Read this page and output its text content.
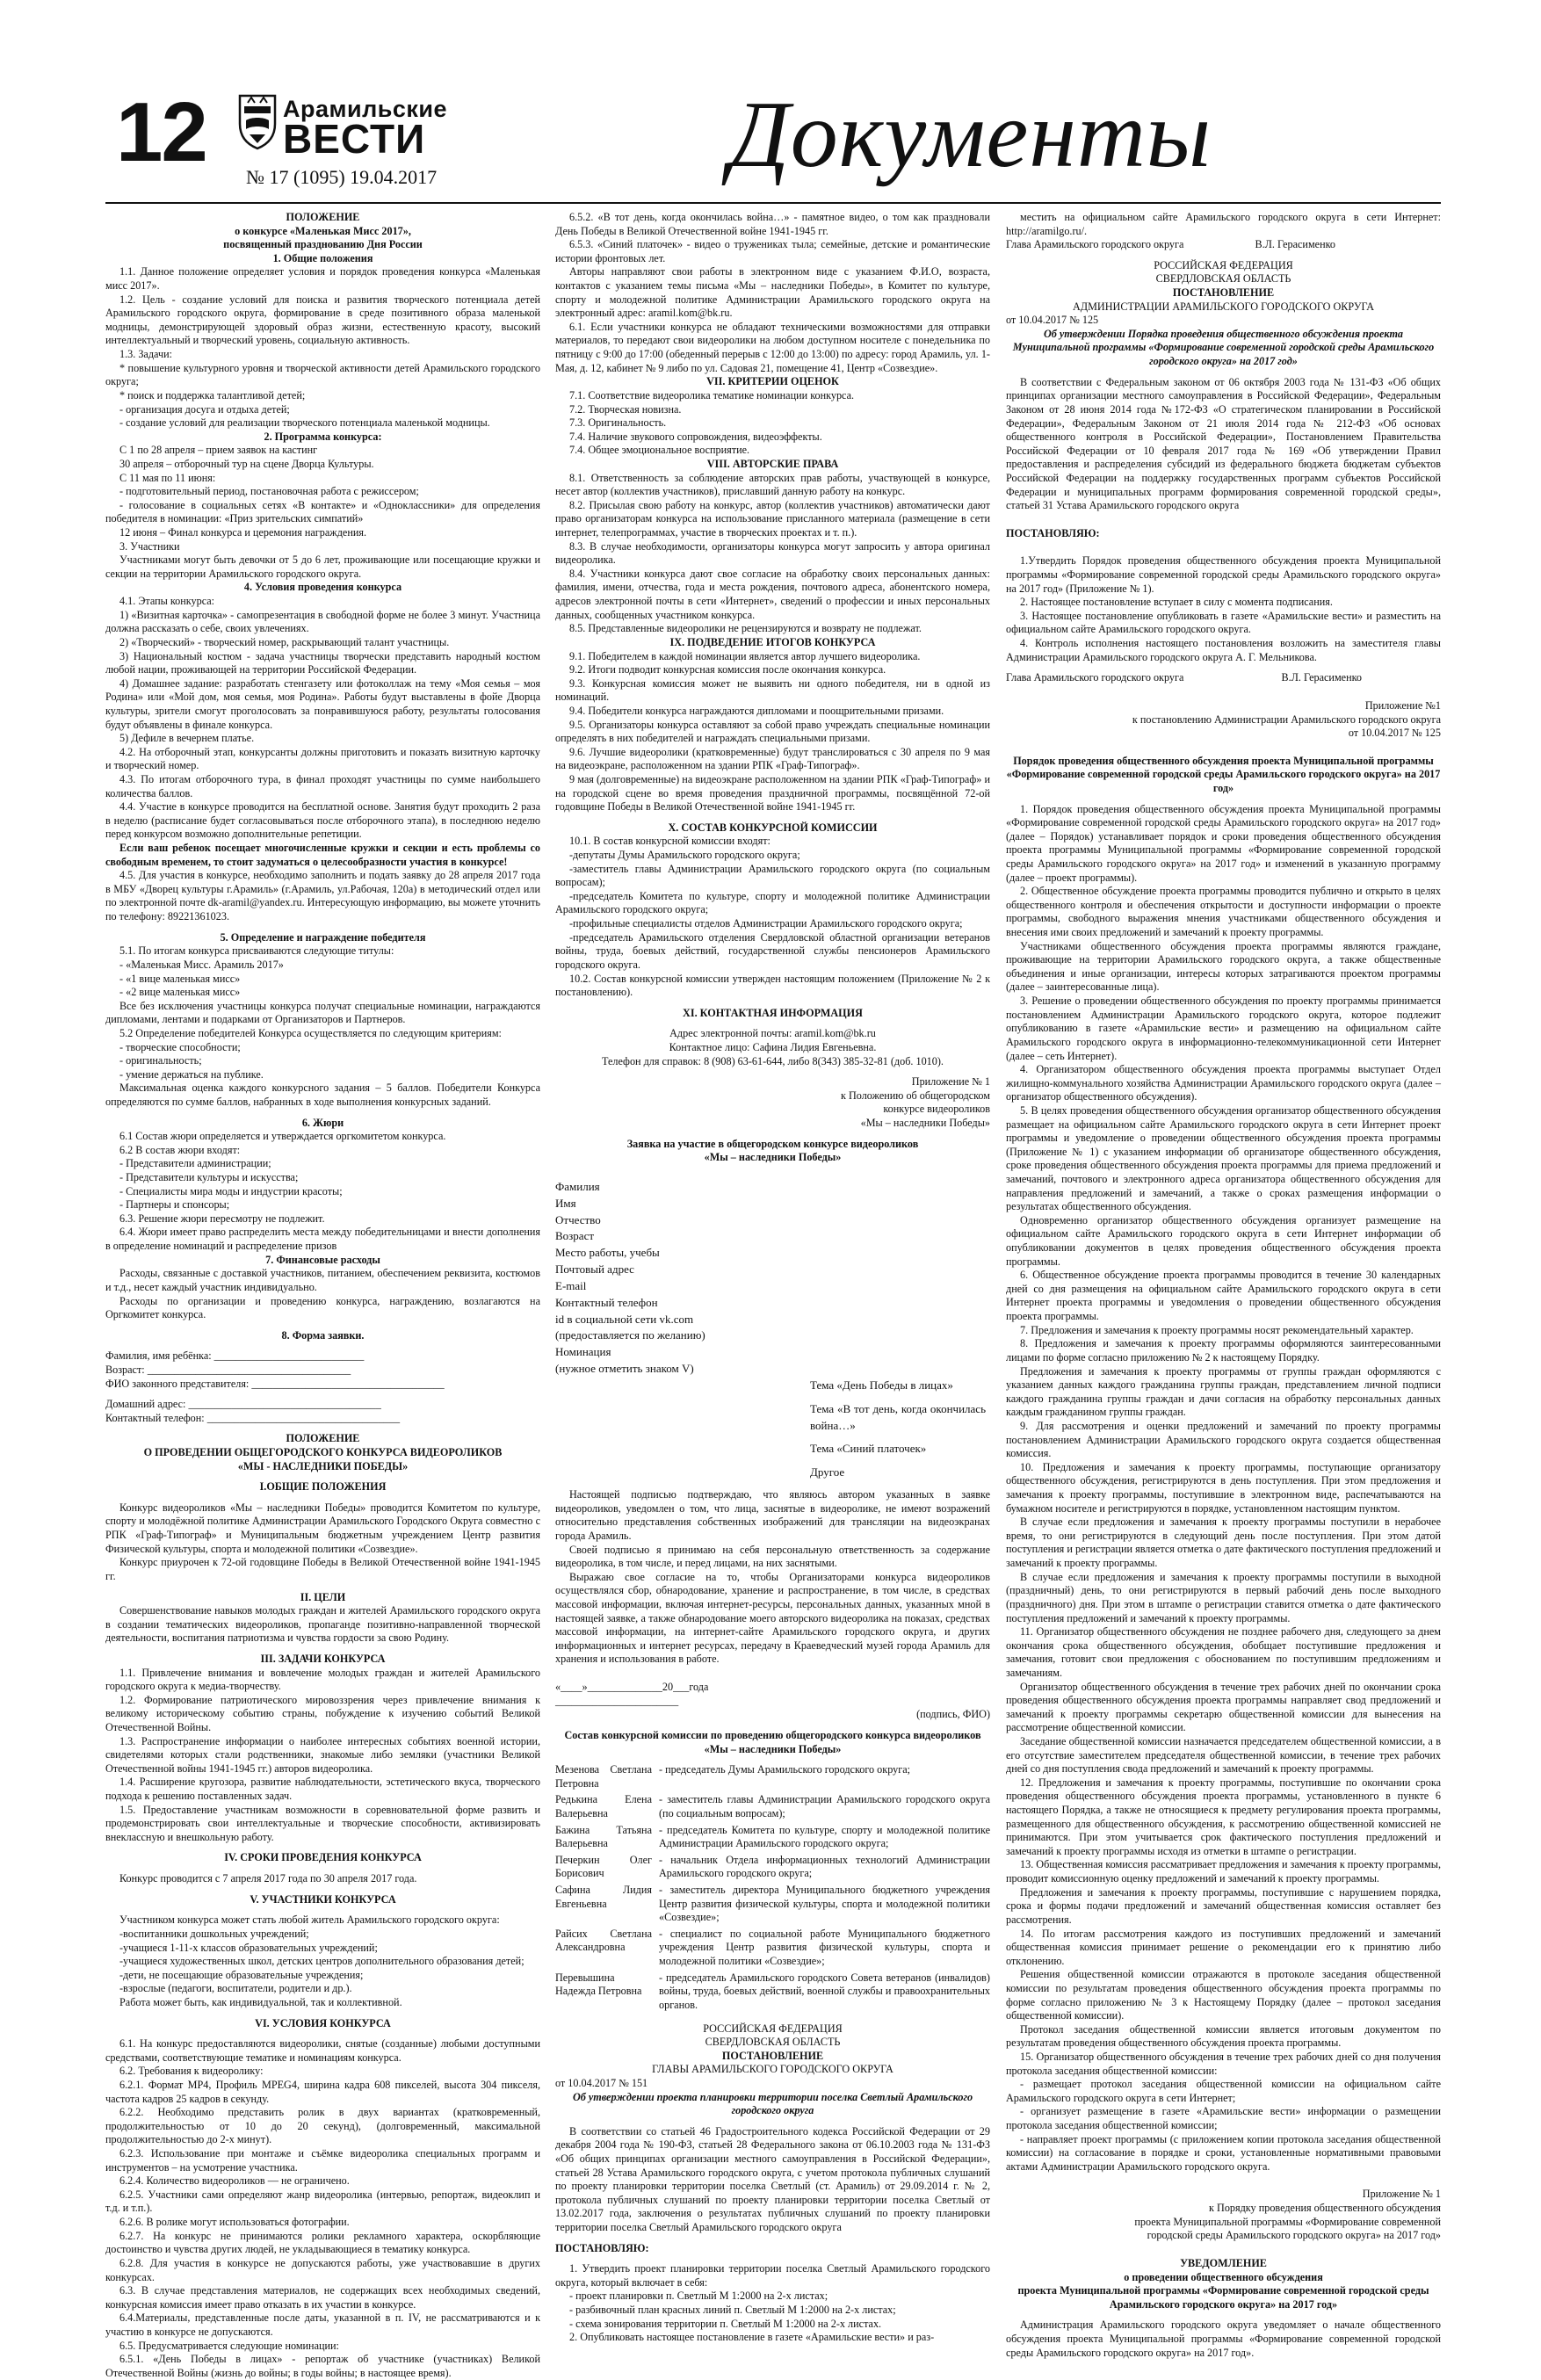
12	Арамильские
ВЕСТИ
№ 17 (1095) 19.04.2017	Документы

ПОЛОЖЕНИЕ

о конкурсе «Маленькая Мисс 2017»,

посвященный празднованию Дня России

1. Общие положения

1.1. Данное положение определяет условия и порядок проведения конкурса «Маленькая мисс 2017».

1.2. Цель - создание условий для поиска и развития творческого потенциала детей Арамильского городского округа, формирование в среде позитивного образа маленькой модницы, демонстрирующей здоровый образ жизни, естественную красоту, высокий интеллектуальный и творческий уровень, социальную активность.

1.3. Задачи:

* повышение культурного уровня и творческой активности детей Арамильского городского округа;

* поиск и поддержка талантливой детей;

- организация досуга и отдыха детей;

- создание условий для реализации творческого потенциала маленькой модницы.

2. Программа конкурса:

С 1 по 28 апреля – прием заявок на кастинг

30 апреля – отборочный тур на сцене Дворца Культуры.

С 11 мая по 11 июня:

- подготовительный период, постановочная работа с режиссером;

- голосование в социальных сетях «В контакте» и «Одноклассники» для определения победителя в номинации: «Приз зрительских симпатий»

12 июня – Финал конкурса и церемония награждения.

3. Участники

Участниками могут быть девочки от 5 до 6 лет, проживающие или посещающие кружки и секции на территории Арамильского городского округа.

4. Условия проведения конкурса

4.1. Этапы конкурса:

1) «Визитная карточка» - самопрезентация в свободной форме не более 3 минут. Участница должна рассказать о себе, своих увлечениях.

2) «Творческий» - творческий номер, раскрывающий талант участницы.

3) Национальный костюм - задача участницы творчески представить народный костюм любой нации, проживающей на территории Российской Федерации.

4) Домашнее задание: разработать стенгазету или фотоколлаж на тему «Моя семья – моя Родина» или «Мой дом, моя семья, моя Родина». Работы будут выставлены в фойе Дворца культуры, зрители смогут проголосовать за понравившуюся работу, результаты голосования будут объявлены в финале конкурса.

5) Дефиле в вечернем платье.

4.2. На отборочный этап, конкурсанты должны приготовить и показать визитную карточку и творческий номер.

4.3. По итогам отборочного тура, в финал проходят участницы по сумме наибольшего количества баллов.

4.4. Участие в конкурсе проводится на бесплатной основе. Занятия будут проходить 2 раза в неделю (расписание будет согласовываться после отборочного этапа), в последнюю неделю перед конкурсом возможно дополнительные репетиции.

Если ваш ребенок посещает многочисленные кружки и секции и есть проблемы со свободным временем, то стоит задуматься о целесообразности участия в конкурсе!

4.5. Для участия в конкурсе, необходимо заполнить и подать заявку до 28 апреля 2017 года в МБУ «Дворец культуры г.Арамиль» (г.Арамиль, ул.Рабочая, 120а) в методический отдел или по электронной почте dk-aramil@yandex.ru. Интересующую информацию, вы можете уточнить по телефону: 89221361023.

5. Определение и награждение победителя

5.1. По итогам конкурса присваиваются следующие титулы:

- «Маленькая Мисс. Арамиль 2017»

- «1 вице маленькая мисс»

- «2 вице маленькая мисс»

Все без исключения участницы конкурса получат специальные номинации, награждаются дипломами, лентами и подарками от Организаторов и Партнеров.

5.2 Определение победителей Конкурса осуществляется по следующим критериям:

- творческие способности;

- оригинальность;

- умение держаться на публике.

Максимальная оценка каждого конкурсного задания – 5 баллов. Победители Конкурса определяются по сумме баллов, набранных в ходе выполнения конкурсных заданий.

6. Жюри

6.1 Состав жюри определяется и утверждается оргкомитетом конкурса.

6.2 В состав жюри входят:

- Представители администрации;

- Представители культуры и искусства;

- Специалисты мира моды и индустрии красоты;

- Партнеры и спонсоры;

6.3. Решение жюри пересмотру не подлежит.

6.4. Жюри имеет право распределить места между победительницами и внести дополнения в определение номинаций и распределение призов

7. Финансовые расходы

Расходы, связанные с доставкой участников, питанием, обеспечением реквизита, костюмов и т.д., несет каждый участник индивидуально.

Расходы по организации и проведению конкурса, награждению, возлагаются на Оргкомитет конкурса.

8. Форма заявки.

Фамилия, имя ребёнка: ____________________________

Возраст: ______________________________________

ФИО законного представителя: ____________________________________

Домашний адрес: ____________________________________

Контактный телефон: ____________________________________

ПОЛОЖЕНИЕ

О ПРОВЕДЕНИИ ОБЩЕГОРОДСКОГО КОНКУРСА ВИДЕОРОЛИКОВ

«МЫ - НАСЛЕДНИКИ ПОБЕДЫ»

I.ОБЩИЕ ПОЛОЖЕНИЯ

Конкурс видеороликов «Мы – наследники Победы» проводится Комитетом по культуре, спорту и молодёжной политике Администрации Арамильского Городского Округа совместно с РПК «Граф-Типограф» и Муниципальным бюджетным учреждением Центр развития Физической культуры, спорта и молодежной политики «Созвездие».

Конкурс приурочен к 72-ой годовщине Победы в Великой Отечественной войне 1941-1945 гг.

II. ЦЕЛИ

Совершенствование навыков молодых граждан и жителей Арамильского городского округа в создании тематических видеороликов, пропаганде позитивно-направленной творческой деятельности, воспитания патриотизма и чувства гордости за свою Родину.

III. ЗАДАЧИ КОНКУРСА

1.1. Привлечение внимания и вовлечение молодых граждан и жителей Арамильского городского округа к медиа-творчеству.

1.2. Формирование патриотического мировоззрения через привлечение внимания к великому историческому событию страны, побуждение к изучению событий Великой Отечественной Войны.

1.3. Распространение информации о наиболее интересных событиях военной истории, свидетелями которых стали родственники, знакомые либо земляки (участники Великой Отечественной войны 1941-1945 гг.) авторов видеоролика.

1.4. Расширение кругозора, развитие наблюдательности, эстетического вкуса, творческого подхода к решению поставленных задач.

1.5. Предоставление участникам возможности в соревновательной форме развить и продемонстрировать свои интеллектуальные и творческие способности, активизировать внеклассную и внешкольную работу.

IV. СРОКИ ПРОВЕДЕНИЯ КОНКУРСА

Конкурс проводится с 7 апреля 2017 года по 30 апреля 2017 года.

V. УЧАСТНИКИ КОНКУРСА

Участником конкурса может стать любой житель Арамильского городского округа:

-воспитанники дошкольных учреждений;

-учащиеся 1-11-х классов образовательных учреждений;

-учащиеся художественных школ, детских центров дополнительного образования детей;

-дети, не посещающие образовательные учреждения;

-взрослые (педагоги, воспитатели, родители и др.).

Работа может быть, как индивидуальной, так и коллективной.

VI. УСЛОВИЯ КОНКУРСА

6.1. На конкурс предоставляются видеоролики, снятые (созданные) любыми доступными средствами, соответствующие тематике и номинациям конкурса.

6.2. Требования к видеоролику:

6.2.1. Формат MP4, Профиль MPEG4, ширина кадра 608 пикселей, высота 304 пикселя, частота кадров 25 кадров в секунду.

6.2.2. Необходимо представить ролик в двух вариантах (кратковременный, продолжительностью от 10 до 20 секунд), (долговременный, максимальной продолжительностью до 2-х минут).

6.2.3. Использование при монтаже и съёмке видеоролика специальных программ и инструментов – на усмотрение участника.

6.2.4. Количество видеороликов — не ограничено.

6.2.5. Участники сами определяют жанр видеоролика (интервью, репортаж, видеоклип и т.д. и т.п.).

6.2.6. В ролике могут использоваться фотографии.

6.2.7. На конкурс не принимаются ролики рекламного характера, оскорбляющие достоинство и чувства других людей, не укладывающиеся в тематику конкурса.

6.2.8. Для участия в конкурсе не допускаются работы, уже участвовавшие в других конкурсах.

6.3. В случае представления материалов, не содержащих всех необходимых сведений, конкурсная комиссия имеет право отказать в их участии в конкурсе.

6.4.Материалы, представленные после даты, указанной в п. IV, не рассматриваются и к участию в конкурсе не допускаются.

6.5. Предусматривается следующие номинации:

6.5.1. «День Победы в лицах» - репортаж об участнике (участниках) Великой Отечественной Войны (жизнь до войны; в годы войны; в настоящее время).

6.5.2. «В тот день, когда окончилась война…» - памятное видео, о том как праздновали День Победы в Великой Отечественной войне 1941-1945 гг.

6.5.3. «Синий платочек» - видео о тружениках тыла; семейные, детские и романтические истории фронтовых лет.

Авторы направляют свои работы в электронном виде с указанием Ф.И.О, возраста, контактов с указанием темы письма «Мы – наследники Победы», в Комитет по культуре, спорту и молодежной политике Администрации Арамильского городского округа на электронный адрес: aramil.kom@bk.ru.

6.1. Если участники конкурса не обладают техническими возможностями для отправки материалов, то передают свои видеоролики на любом доступном носителе с понедельника по пятницу с 9:00 до 17:00 (обеденный перерыв с 12:00 до 13:00) по адресу: город Арамиль, ул. 1-Мая, д. 12, кабинет № 9 либо по ул. Садовая 21, помещение 41, Центр «Созвездие».

VII. КРИТЕРИИ ОЦЕНОК

7.1. Соответствие видеоролика тематике номинации конкурса.

7.2. Творческая новизна.

7.3. Оригинальность.

7.4. Наличие звукового сопровождения, видеоэффекты.

7.4. Общее эмоциональное восприятие.

VIII. АВТОРСКИЕ ПРАВА

8.1. Ответственность за соблюдение авторских прав работы, участвующей в конкурсе, несет автор (коллектив участников), приславший данную работу на конкурс.

8.2. Присылая свою работу на конкурс, автор (коллектив участников) автоматически дают право организаторам конкурса на использование присланного материала (размещение в сети интернет, телепрограммах, участие в творческих проектах и т. п.).

8.3. В случае необходимости, организаторы конкурса могут запросить у автора оригинал видеоролика.

8.4. Участники конкурса дают свое согласие на обработку своих персональных данных: фамилия, имени, отчества, года и места рождения, почтового адреса, абонентского номера, адресов электронной почты в сети «Интернет», сведений о профессии и иных персональных данных, сообщенных участником конкурса.

8.5. Представленные видеоролики не рецензируются и возврату не подлежат.

IX. ПОДВЕДЕНИЕ ИТОГОВ КОНКУРСА

9.1. Победителем в каждой номинации является автор лучшего видеоролика.

9.2. Итоги подводит конкурсная комиссия после окончания конкурса.

9.3. Конкурсная комиссия может не выявить ни одного победителя, ни в одной из номинаций.

9.4. Победители конкурса награждаются дипломами и поощрительными призами.

9.5. Организаторы конкурса оставляют за собой право учреждать специальные номинации определять в них победителей и награждать специальными призами.

9.6. Лучшие видеоролики (кратковременные) будут транслироваться с 30 апреля по 9 мая на видеоэкране, расположенном на здании РПК «Граф-Типограф».

9 мая (долговременные) на видеоэкране расположенном на здании РПК «Граф-Типограф» и на городской сцене во время проведения праздничной программы, посвящённой 72-ой годовщине Победы в Великой Отечественной войне 1941-1945 гг.

X. СОСТАВ КОНКУРСНОЙ КОМИССИИ

10.1. В состав конкурсной комиссии входят:

-депутаты Думы Арамильского городского округа;

-заместитель главы Администрации Арамильского городского округа (по социальным вопросам);

-председатель Комитета по культуре, спорту и молодежной политике Администрации Арамильского городского округа;

-профильные специалисты отделов Администрации Арамильского городского округа;

-председатель Арамильского отделения Свердловской областной организации ветеранов войны, труда, боевых действий, государственной службы пенсионеров Арамильского городского округа.

10.2. Состав конкурсной комиссии утвержден настоящим положением (Приложение № 2 к постановлению).

XI. КОНТАКТНАЯ ИНФОРМАЦИЯ

Адрес электронной почты: aramil.kom@bk.ru

Контактное лицо: Сафина Лидия Евгеньевна.

Телефон для справок: 8 (908) 63-61-644, либо 8(343) 385-32-81 (доб. 1010).

Приложение № 1

к Положению об общегородском

конкурсе видеороликов

«Мы – наследники Победы»

Заявка на участие в общегородском конкурсе видеороликов

«Мы – наследники Победы»

Фамилия

Имя

Отчество

Возраст

Место работы, учебы

Почтовый адрес

E-mail

Контактный телефон

id в социальной сети vk.com

(предоставляется по желанию)

Номинация

(нужное отметить знаком V)

Тема «День Победы в лицах»

Тема «В тот день, когда окончилась война…»

Тема «Синий платочек»

Другое

Настоящей подписью подтверждаю, что являюсь автором указанных в заявке видеороликов, уведомлен о том, что лица, заснятые в видеоролике, не имеют возражений относительно представления собственных изображений для трансляции на видеоэкранах города Арамиль.

Своей подписью я принимаю на себя персональную ответственность за содержание видеоролика, в том числе, и перед лицами, на них заснятыми.

Выражаю свое согласие на то, чтобы Организаторами конкурса видеороликов осуществлялся сбор, обнародование, хранение и распространение, в том числе, в средствах массовой информации, включая интернет-ресурсы, персональных данных, указанных мной в настоящей заявке, а также обнародование моего авторского видеоролика на показах, средствах массовой информации, на интернет-сайте Арамильского городского округа, и других информационных и интернет ресурсах, передачу в Краеведческий музей города Арамиль для хранения и использования в работе.

«____»______________20___года

_______________________

(подпись, ФИО)

Состав конкурсной комиссии по проведению общегородского конкурса видеороликов «Мы – наследники Победы»

Мезенова Светлана Петровна	- председатель Думы Арамильского городского округа;
Редькина Елена Валерьевна	- заместитель главы Администрации Арамильского городского округа (по социальным вопросам);
Бажина Татьяна Валерьевна	- председатель Комитета по культуре, спорту и молодежной политике Администрации Арамильского городского округа;
Печеркин Олег Борисович	- начальник Отдела информационных технологий Администрации Арамильского городского округа;
Сафина Лидия Евгеньевна	- заместитель директора Муниципального бюджетного учреждения Центр развития физической культуры, спорта и молодежной политики «Созвездие»;
Райсих Светлана Александровна	- специалист по социальной работе Муниципального бюджетного учреждения Центр развития физической культуры, спорта и молодежной политики «Созвездие»;
Перевышина Надежда Петровна	- председатель Арамильского городского Совета ветеранов (инвалидов) войны, труда, боевых действий, военной службы и правоохранительных органов.

РОССИЙСКАЯ ФЕДЕРАЦИЯ

СВЕРДЛОВСКАЯ ОБЛАСТЬ

ПОСТАНОВЛЕНИЕ

ГЛАВЫ АРАМИЛЬСКОГО ГОРОДСКОГО ОКРУГА

от 10.04.2017 № 151

Об утверждении проекта планировки территории поселка Светлый Арамильского городского округа

В соответствии со статьей 46 Градостроительного кодекса Российской Федерации от 29 декабря 2004 года № 190-ФЗ, статьей 28 Федерального закона от 06.10.2003 года № 131-ФЗ «Об общих принципах организации местного самоуправления в Российской Федерации», статьей 28 Устава Арамильского городского округа, с учетом протокола публичных слушаний по проекту планировки территории поселка Светлый (ст. Арамиль) от 29.09.2014 г. № 2, протокола публичных слушаний по проекту планировки территории поселка Светлый от 13.02.2017 года, заключения о результатах публичных слушаний по проекту планировки территории поселка Светлый Арамильского городского округа

ПОСТАНОВЛЯЮ:

1. Утвердить проект планировки территории поселка Светлый Арамильского городского округа, который включает в себя:

- проект планировки п. Светлый М 1:2000 на 2-х листах;

- разбивочный план красных линий п. Светлый М 1:2000 на 2-х листах;

- схема зонирования территории п. Светлый М 1:2000 на 2-х листах.

2. Опубликовать настоящее постановление в газете «Арамильские вести» и раз-

местить на официальном сайте Арамильского городского округа в сети Интернет: http://aramilgo.ru/.

Глава Арамильского городского округа	В.Л. Герасименко

РОССИЙСКАЯ ФЕДЕРАЦИЯ

СВЕРДЛОВСКАЯ ОБЛАСТЬ

ПОСТАНОВЛЕНИЕ

АДМИНИСТРАЦИИ АРАМИЛЬСКОГО ГОРОДСКОГО ОКРУГА

от 10.04.2017 № 125

Об утверждении Порядка проведения общественного обсуждения проекта Муниципальной программы «Формирование современной городской среды Арамильского городского округа» на 2017 год»

В соответствии с Федеральным законом от 06 октября 2003 года № 131-ФЗ «Об общих принципах организации местного самоуправления в Российской Федерации», Федеральным Законом от 28 июня 2014 года №172-ФЗ «О стратегическом планировании в Российской Федерации», Федеральным Законом от 21 июля 2014 года № 212-ФЗ «Об основах общественного контроля в Российской Федерации», Постановлением Правительства Российской Федерации от 10 февраля 2017 года № 169 «Об утверждении Правил предоставления и распределения субсидий из федерального бюджета бюджетам субъектов Российской Федерации на поддержку государственных программ субъектов Российской Федерации и муниципальных программ формирования современной городской среды», статьей 31 Устава Арамильского городского округа

ПОСТАНОВЛЯЮ:

1.Утвердить Порядок проведения общественного обсуждения проекта Муниципальной программы «Формирование современной городской среды Арамильского городского округа» на 2017 год» (Приложение № 1).

2. Настоящее постановление вступает в силу с момента подписания.

3. Настоящее постановление опубликовать в газете «Арамильские вести» и разместить на официальном сайте Арамильского городского округа.

4. Контроль исполнения настоящего постановления возложить на заместителя главы Администрации Арамильского городского округа А. Г. Мельникова.

Глава Арамильского городского округа	В.Л. Герасименко

Приложение №1

к постановлению Администрации Арамильского городского округа

от 10.04.2017 № 125

Порядок проведения общественного обсуждения проекта Муниципальной программы «Формирование современной городской среды Арамильского городского округа» на 2017 год»

1. Порядок проведения общественного обсуждения проекта Муниципальной программы «Формирование современной городской среды Арамильского городского округа» на 2017 год» (далее – Порядок) устанавливает порядок и сроки проведения общественного обсуждения проекта программы Муниципальной программы «Формирование современной городской среды Арамильского городского округа» на 2017 год» и изменений в указанную программу (далее – проект программы).

2. Общественное обсуждение проекта программы проводится публично и открыто в целях общественного контроля и обеспечения открытости и доступности информации о проекте программы, свободного выражения мнения участниками общественного обсуждения и внесения ими своих предложений и замечаний к проекту программы.

Участниками общественного обсуждения проекта программы являются граждане, проживающие на территории Арамильского городского округа, а также общественные объединения и иные организации, интересы которых затрагиваются проектом программы (далее – заинтересованные лица).

3. Решение о проведении общественного обсуждения по проекту программы принимается постановлением Администрации Арамильского городского округа, которое подлежит опубликованию в газете «Арамильские вести» и размещению на официальном сайте Арамильского городского округа в информационно-телекоммуникационной сети Интернет (далее – сеть Интернет).

4. Организатором общественного обсуждения проекта программы выступает Отдел жилищно-коммунального хозяйства Администрации Арамильского городского округа (далее – организатор общественного обсуждения).

5. В целях проведения общественного обсуждения организатор общественного обсуждения размещает на официальном сайте Арамильского городского округа в сети Интернет проект программы и уведомление о проведении общественного обсуждения проекта программы (Приложение № 1) с указанием информации об организаторе общественного обсуждения, сроке проведения общественного обсуждения проекта программы для приема предложений и замечаний, почтового и электронного адреса организатора общественного обсуждения для направления предложений и замечаний, а также о сроках размещения информации о результатах общественного обсуждения.

Одновременно организатор общественного обсуждения организует размещение на официальном сайте Арамильского городского округа в сети Интернет информации об опубликовании документов в целях проведения общественного обсуждения проекта программы.

6. Общественное обсуждение проекта программы проводится в течение 30 календарных дней со дня размещения на официальном сайте Арамильского городского округа в сети Интернет проекта программы и уведомления о проведении общественного обсуждения проекта программы.

7. Предложения и замечания к проекту программы носят рекомендательный характер.

8. Предложения и замечания к проекту программы оформляются заинтересованными лицами по форме согласно приложению № 2 к настоящему Порядку.

Предложения и замечания к проекту программы от группы граждан оформляются с указанием данных каждого гражданина группы граждан, представлением личной подписи каждого гражданина группы граждан и дачи согласия на обработку персональных данных каждым гражданином группы граждан.

9. Для рассмотрения и оценки предложений и замечаний по проекту программы постановлением Администрации Арамильского городского округа создается общественная комиссия.

10. Предложения и замечания к проекту программы, поступающие организатору общественного обсуждения, регистрируются в день поступления. При этом предложения и замечания к проекту программы, поступившие в электронном виде, распечатываются на бумажном носителе и регистрируются в порядке, установленном настоящим пунктом.

В случае если предложения и замечания к проекту программы поступили в нерабочее время, то они регистрируются в следующий день после поступления. При этом датой поступления и регистрации является отметка о дате фактического поступления предложений и замечаний к проекту программы.

В случае если предложения и замечания к проекту программы поступили в выходной (праздничный) день, то они регистрируются в первый рабочий день после выходного (праздничного) дня. При этом в штампе о регистрации ставится отметка о дате фактического поступления предложений и замечаний к проекту программы.

11. Организатор общественного обсуждения не позднее рабочего дня, следующего за днем окончания срока общественного обсуждения, обобщает поступившие предложения и замечания, готовит свои предложения с обоснованием по поступившим предложениям и замечаниям.

Организатор общественного обсуждения в течение трех рабочих дней по окончании срока проведения общественного обсуждения проекта программы направляет свод предложений и замечаний к проекту программы секретарю общественной комиссии для вынесения на рассмотрение общественной комиссии.

Заседание общественной комиссии назначается председателем общественной комиссии, а в его отсутствие заместителем председателя общественной комиссии, в течение трех рабочих дней со дня поступления свода предложений и замечаний к проекту программы.

12. Предложения и замечания к проекту программы, поступившие по окончании срока проведения общественного обсуждения проекта программы, установленного в пункте 6 настоящего Порядка, а также не относящиеся к предмету регулирования проекта программы, размещенного для общественного обсуждения, к рассмотрению общественной комиссией не принимаются. При этом учитывается срок фактического поступления предложений и замечаний к проекту программы исходя из отметки в штампе о регистрации.

13. Общественная комиссия рассматривает предложения и замечания к проекту программы, проводит комиссионную оценку предложений и замечаний к проекту программы.

Предложения и замечания к проекту программы, поступившие с нарушением порядка, срока и формы подачи предложений и замечаний общественная комиссия оставляет без рассмотрения.

14. По итогам рассмотрения каждого из поступивших предложений и замечаний общественная комиссия принимает решение о рекомендации его к принятию либо отклонению.

Решения общественной комиссии отражаются в протоколе заседания общественной комиссии по результатам проведения общественного обсуждения проекта программы по форме согласно приложению № 3 к Настоящему Порядку (далее – протокол заседания общественной комиссии).

Протокол заседания общественной комиссии является итоговым документом по результатам проведения общественного обсуждения проекта программы.

15. Организатор общественного обсуждения в течение трех рабочих дней со дня получения протокола заседания общественной комиссии:

- размещает протокол заседания общественной комиссии на официальном сайте Арамильского городского округа в сети Интернет;

- организует размещение в газете «Арамильские вести» информации о размещении протокола заседания общественной комиссии;

- направляет проект программы (с приложением копии протокола заседания общественной комиссии) на согласование в порядке и сроки, установленные нормативными правовыми актами Администрации Арамильского городского округа.

Приложение № 1

к Порядку проведения общественного обсуждения

проекта Муниципальной программы «Формирование современной

городской среды Арамильского городского округа» на 2017 год»

УВЕДОМЛЕНИЕ

о проведении общественного обсуждения

проекта Муниципальной программы «Формирование современной городской среды Арамильского городского округа» на 2017 год»

Администрация Арамильского городского округа уведомляет о начале общественного обсуждения проекта Муниципальной программы «Формирование современной городской среды Арамильского городского округа» на 2017 год».
